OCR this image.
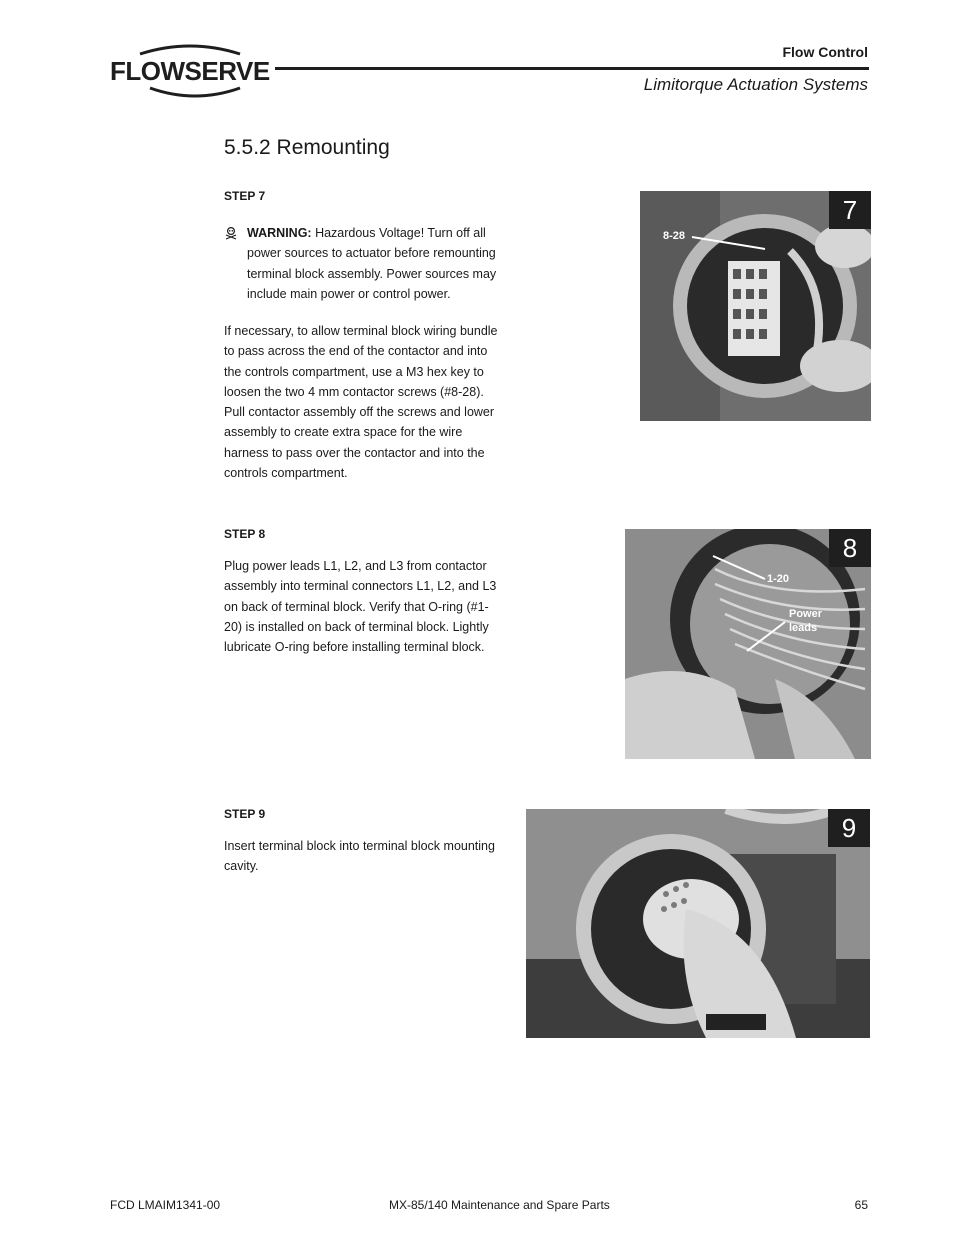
FLOWSERVE
Flow Control
Limitorque Actuation Systems
5.5.2 Remounting
STEP 7
WARNING: Hazardous Voltage! Turn off all power sources to actuator before remounting terminal block assembly. Power sources may include main power or control power.
If necessary, to allow terminal block wiring bundle to pass across the end of the contactor and into the controls compartment, use a M3 hex key to loosen the two 4 mm contactor screws (#8-28). Pull contactor assembly off the screws and lower assembly to create extra space for the wire harness to pass over the contactor and into the controls compartment.
8-28
7
STEP 8
Plug power leads L1, L2, and L3 from contactor assembly into terminal connectors L1, L2, and L3 on back of terminal block. Verify that O-ring (#1-20) is installed on back of terminal block. Lightly lubricate O-ring before installing terminal block.
1-20
Power
leads
8
STEP 9
Insert terminal block into terminal block mounting cavity.
9
FCD LMAIM1341-00	MX-85/140 Maintenance and Spare Parts	65
